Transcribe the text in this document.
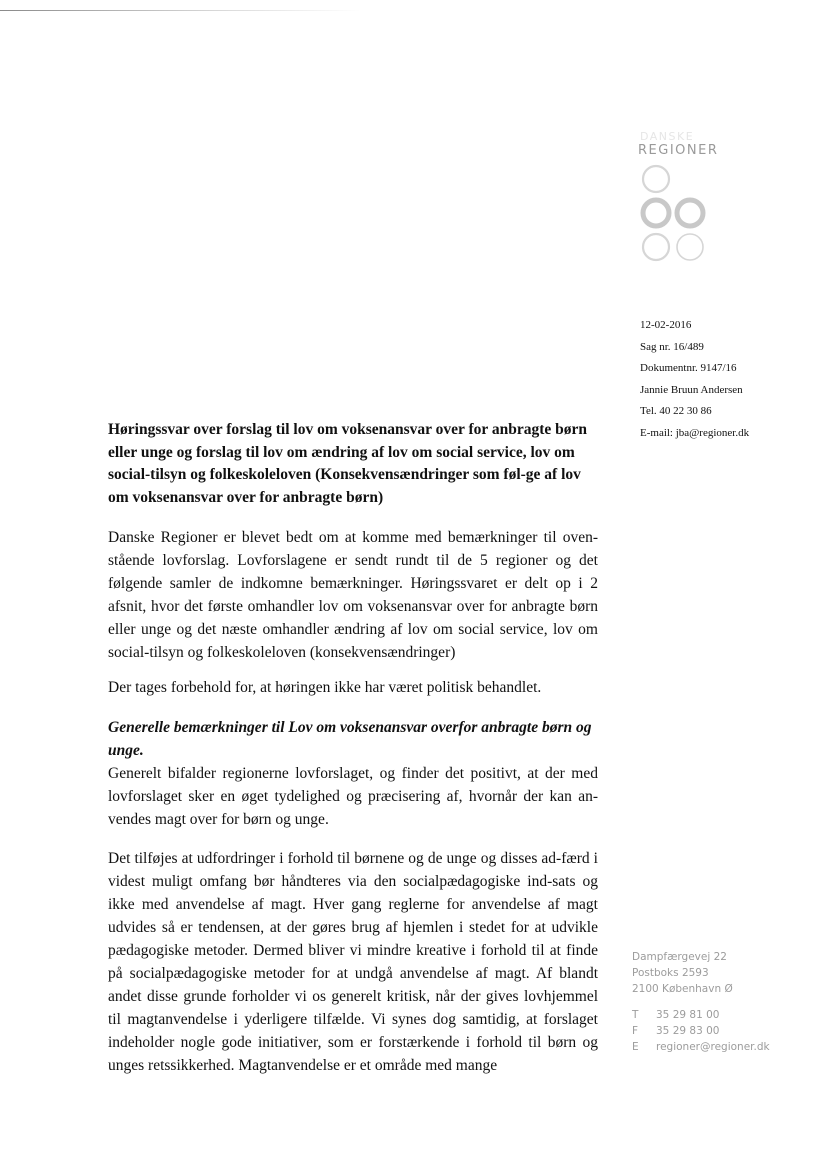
DANSKE
REGIONER
12-02-2016
Sag nr. 16/489
Dokumentnr. 9147/16
Jannie Bruun Andersen
Tel. 40 22 30 86
E-mail: jba@regioner.dk

Høringssvar over forslag til lov om voksenansvar over for anbragte børn eller unge og forslag til lov om ændring af lov om social service, lov om social-tilsyn og folkeskoleloven (Konsekvensændringer som føl-ge af lov om voksenansvar over for anbragte børn)

Danske Regioner er blevet bedt om at komme med bemærkninger til oven-stående lovforslag. Lovforslagene er sendt rundt til de 5 regioner og det følgende samler de indkomne bemærkninger. Høringssvaret er delt op i 2 afsnit, hvor det første omhandler lov om voksenansvar over for anbragte børn eller unge og det næste omhandler ændring af lov om social service, lov om social-tilsyn og folkeskoleloven (konsekvensændringer)

Der tages forbehold for, at høringen ikke har været politisk behandlet.

Generelle bemærkninger til Lov om voksenansvar overfor anbragte børn og unge.

Generelt bifalder regionerne lovforslaget, og finder det positivt, at der med lovforslaget sker en øget tydelighed og præcisering af, hvornår der kan an-vendes magt over for børn og unge.

Det tilføjes at udfordringer i forhold til børnene og de unge og disses ad-færd i videst muligt omfang bør håndteres via den socialpædagogiske ind-sats og ikke med anvendelse af magt. Hver gang reglerne for anvendelse af magt udvides så er tendensen, at der gøres brug af hjemlen i stedet for at udvikle pædagogiske metoder. Dermed bliver vi mindre kreative i forhold til at finde på socialpædagogiske metoder for at undgå anvendelse af magt. Af blandt andet disse grunde forholder vi os generelt kritisk, når der gives lovhjemmel til magtanvendelse i yderligere tilfælde. Vi synes dog samtidig, at forslaget indeholder nogle gode initiativer, som er forstærkende i forhold til børn og unges retssikkerhed. Magtanvendelse er et område med mange

Dampfærgevej 22
Postboks 2593
2100 København Ø
T 35 29 81 00
F 35 29 83 00
E regioner@regioner.dk
